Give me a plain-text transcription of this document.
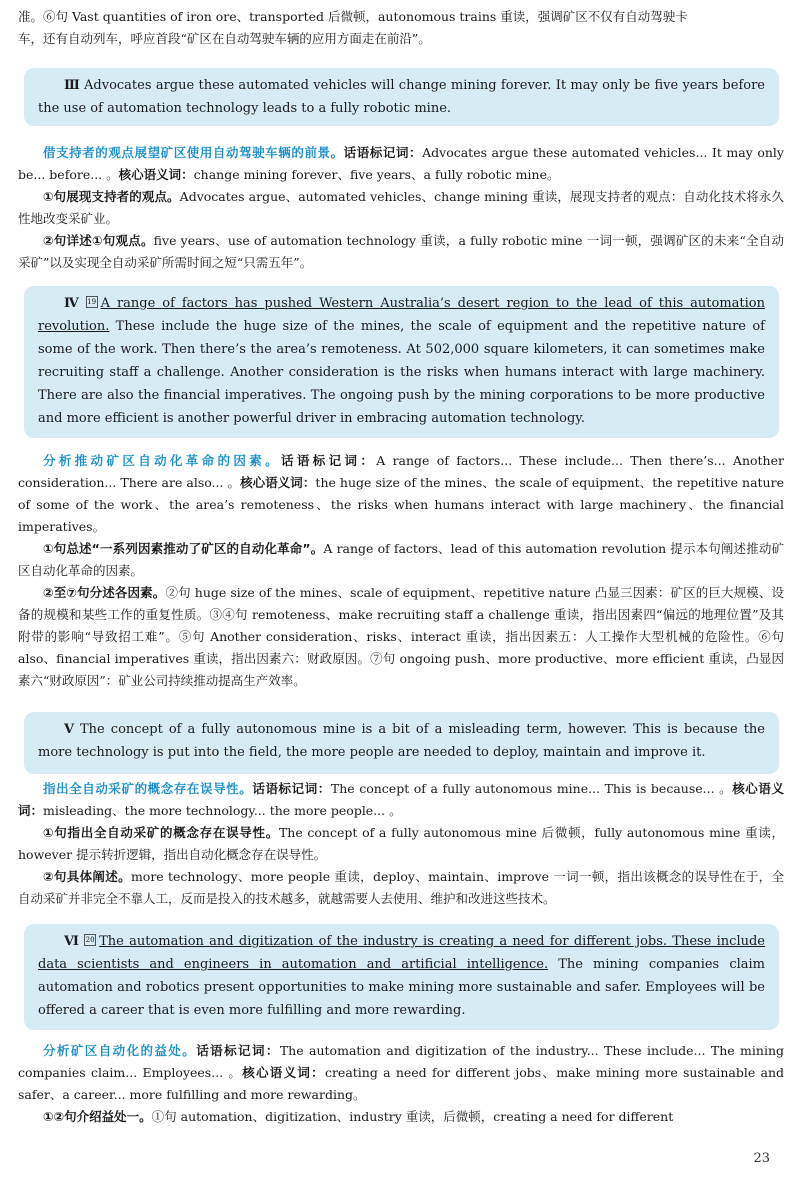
准。⑥句 Vast quantities of iron ore、transported 后微顿，autonomous trains 重读，强调矿区不仅有自动驾驶卡

车，还有自动列车，呼应首段“矿区在自动驾驶车辆的应用方面走在前沿”。

Ⅲ Advocates argue these automated vehicles will change mining forever. It may only be five years before the use of automation technology leads to a fully robotic mine.

借支持者的观点展望矿区使用自动驾驶车辆的前景。话语标记词：Advocates argue these automated vehicles... It may only be... before... 。核心语义词：change mining forever、five years、a fully robotic mine。

①句展现支持者的观点。Advocates argue、automated vehicles、change mining 重读，展现支持者的观点：自动化技术将永久性地改变采矿业。

②句详述①句观点。five years、use of automation technology 重读，a fully robotic mine 一词一顿，强调矿区的未来“全自动采矿”以及实现全自动采矿所需时间之短“只需五年”。

Ⅳ 19 A range of factors has pushed Western Australia’s desert region to the lead of this automation revolution. These include the huge size of the mines, the scale of equipment and the repetitive nature of some of the work. Then there’s the area’s remoteness. At 502,000 square kilometers, it can sometimes make recruiting staff a challenge. Another consideration is the risks when humans interact with large machinery. There are also the financial imperatives. The ongoing push by the mining corporations to be more productive and more efficient is another powerful driver in embracing automation technology.

分析推动矿区自动化革命的因素。话语标记词：A range of factors... These include... Then there’s... Another consideration... There are also... 。核心语义词：the huge size of the mines、the scale of equipment、the repetitive nature of some of the work、the area’s remoteness、the risks when humans interact with large machinery、the financial imperatives。

①句总述“一系列因素推动了矿区的自动化革命”。A range of factors、lead of this automation revolution 提示本句阐述推动矿区自动化革命的因素。

②至⑦句分述各因素。②句 huge size of the mines、scale of equipment、repetitive nature 凸显三因素：矿区的巨大规模、设备的规模和某些工作的重复性质。③④句 remoteness、make recruiting staff a challenge 重读，指出因素四“偏远的地理位置”及其附带的影响“导致招工难”。⑤句 Another consideration、risks、interact 重读，指出因素五：人工操作大型机械的危险性。⑥句 also、financial imperatives 重读，指出因素六：财政原因。⑦句 ongoing push、more productive、more efficient 重读，凸显因素六“财政原因”：矿业公司持续推动提高生产效率。

Ⅴ The concept of a fully autonomous mine is a bit of a misleading term, however. This is because the more technology is put into the field, the more people are needed to deploy, maintain and improve it.

指出全自动采矿的概念存在误导性。话语标记词：The concept of a fully autonomous mine... This is because... 。核心语义词：misleading、the more technology... the more people... 。

①句指出全自动采矿的概念存在误导性。The concept of a fully autonomous mine 后微顿，fully autonomous mine 重读，however 提示转折逻辑，指出自动化概念存在误导性。

②句具体阐述。more technology、more people 重读，deploy、maintain、improve 一词一顿，指出该概念的误导性在于，全自动采矿并非完全不靠人工，反而是投入的技术越多，就越需要人去使用、维护和改进这些技术。

Ⅵ 20 The automation and digitization of the industry is creating a need for different jobs. These include data scientists and engineers in automation and artificial intelligence. The mining companies claim automation and robotics present opportunities to make mining more sustainable and safer. Employees will be offered a career that is even more fulfilling and more rewarding.

分析矿区自动化的益处。话语标记词：The automation and digitization of the industry... These include... The mining companies claim... Employees... 。核心语义词：creating a need for different jobs、make mining more sustainable and safer、a career... more fulfilling and more rewarding。

①②句介绍益处一。①句 automation、digitization、industry 重读，后微顿，creating a need for different

23
